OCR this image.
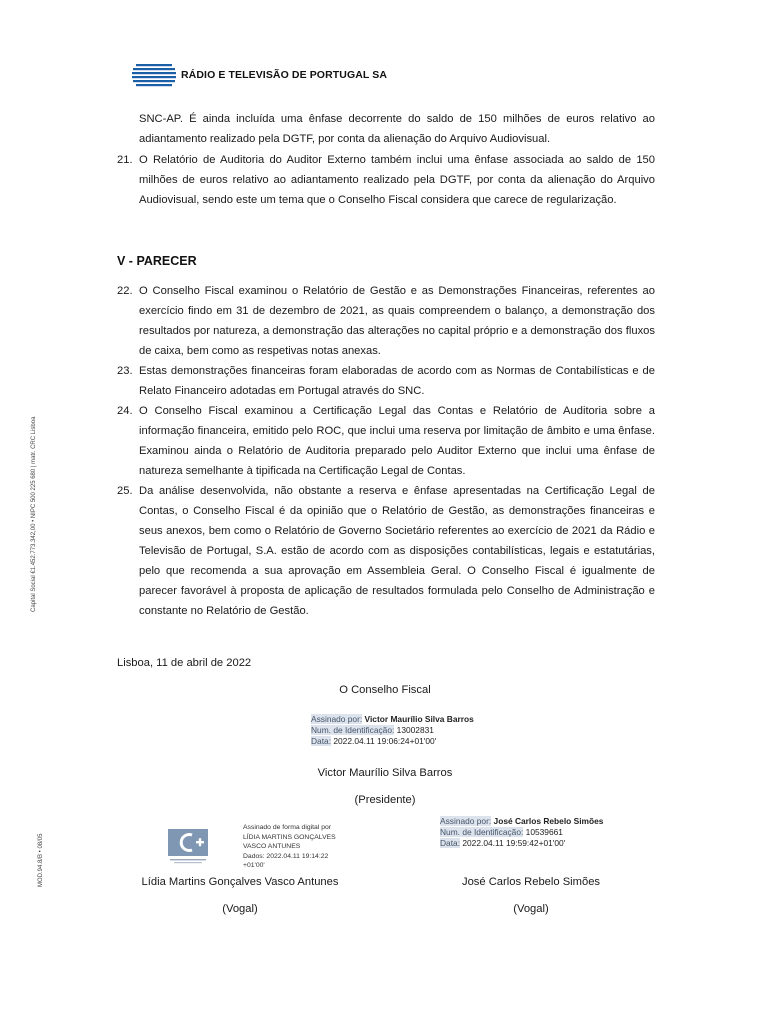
RÁDIO E TELEVISÃO DE PORTUGAL SA
Capital Social €1.452.773.342,00 • NIPC 500 225 680 | matr. CRC Lisboa
MOD.94.8/B • 08/05
SNC-AP. É ainda incluída uma ênfase decorrente do saldo de 150 milhões de euros relativo ao adiantamento realizado pela DGTF, por conta da alienação do Arquivo Audiovisual.
21. O Relatório de Auditoria do Auditor Externo também inclui uma ênfase associada ao saldo de 150 milhões de euros relativo ao adiantamento realizado pela DGTF, por conta da alienação do Arquivo Audiovisual, sendo este um tema que o Conselho Fiscal considera que carece de regularização.
V - PARECER
22. O Conselho Fiscal examinou o Relatório de Gestão e as Demonstrações Financeiras, referentes ao exercício findo em 31 de dezembro de 2021, as quais compreendem o balanço, a demonstração dos resultados por natureza, a demonstração das alterações no capital próprio e a demonstração dos fluxos de caixa, bem como as respetivas notas anexas.
23. Estas demonstrações financeiras foram elaboradas de acordo com as Normas de Contabilísticas e de Relato Financeiro adotadas em Portugal através do SNC.
24. O Conselho Fiscal examinou a Certificação Legal das Contas e Relatório de Auditoria sobre a informação financeira, emitido pelo ROC, que inclui uma reserva por limitação de âmbito e uma ênfase. Examinou ainda o Relatório de Auditoria preparado pelo Auditor Externo que inclui uma ênfase de natureza semelhante à tipificada na Certificação Legal de Contas.
25. Da análise desenvolvida, não obstante a reserva e ênfase apresentadas na Certificação Legal de Contas, o Conselho Fiscal é da opinião que o Relatório de Gestão, as demonstrações financeiras e seus anexos, bem como o Relatório de Governo Societário referentes ao exercício de 2021 da Rádio e Televisão de Portugal, S.A. estão de acordo com as disposições contabilísticas, legais e estatutárias, pelo que recomenda a sua aprovação em Assembleia Geral. O Conselho Fiscal é igualmente de parecer favorável à proposta de aplicação de resultados formulada pelo Conselho de Administração e constante no Relatório de Gestão.
Lisboa, 11 de abril de 2022
O Conselho Fiscal
Assinado por: Victor Maurílio Silva Barros
Num. de Identificação: 13002831
Data: 2022.04.11 19:06:24+01'00'
Victor Maurílio Silva Barros
(Presidente)
Assinado de forma digital por
LÍDIA MARTINS GONÇALVES
VASCO ANTUNES
Dados: 2022.04.11 19:14:22
+01'00'
Assinado por: José Carlos Rebelo Simões
Num. de Identificação: 10539661
Data: 2022.04.11 19:59:42+01'00'
Lídia Martins Gonçalves Vasco Antunes
(Vogal)
José Carlos Rebelo Simões
(Vogal)
